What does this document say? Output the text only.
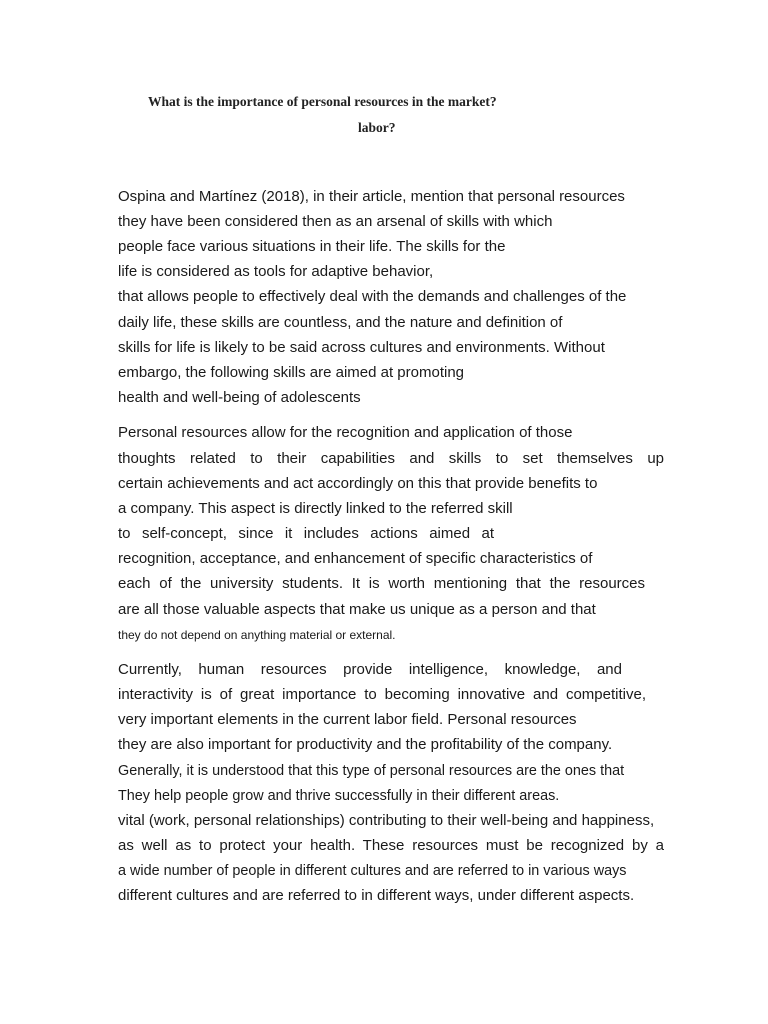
What is the importance of personal resources in the market?
labor?
Ospina and Martínez (2018), in their article, mention that personal resources
they have been considered then as an arsenal of skills with which
people face various situations in their life. The skills for the
life is considered as tools for adaptive behavior,
that allows people to effectively deal with the demands and challenges of the
daily life, these skills are countless, and the nature and definition of
skills for life is likely to be said across cultures and environments. Without
embargo, the following skills are aimed at promoting
health and well-being of adolescents
Personal resources allow for the recognition and application of those
thoughts related to their capabilities and skills to set themselves up
certain achievements and act accordingly on this that provide benefits to
a company. This aspect is directly linked to the referred skill
to self-concept, since it includes actions aimed at
recognition, acceptance, and enhancement of specific characteristics of
each of the university students. It is worth mentioning that the resources
are all those valuable aspects that make us unique as a person and that
they do not depend on anything material or external.
Currently, human resources provide intelligence, knowledge, and
interactivity is of great importance to becoming innovative and competitive,
very important elements in the current labor field. Personal resources
they are also important for productivity and the profitability of the company.
Generally, it is understood that this type of personal resources are the ones that
They help people grow and thrive successfully in their different areas.
vital (work, personal relationships) contributing to their well-being and happiness,
as well as to protect your health. These resources must be recognized by a
a wide number of people in different cultures and are referred to in various ways
different cultures and are referred to in different ways, under different aspects.
